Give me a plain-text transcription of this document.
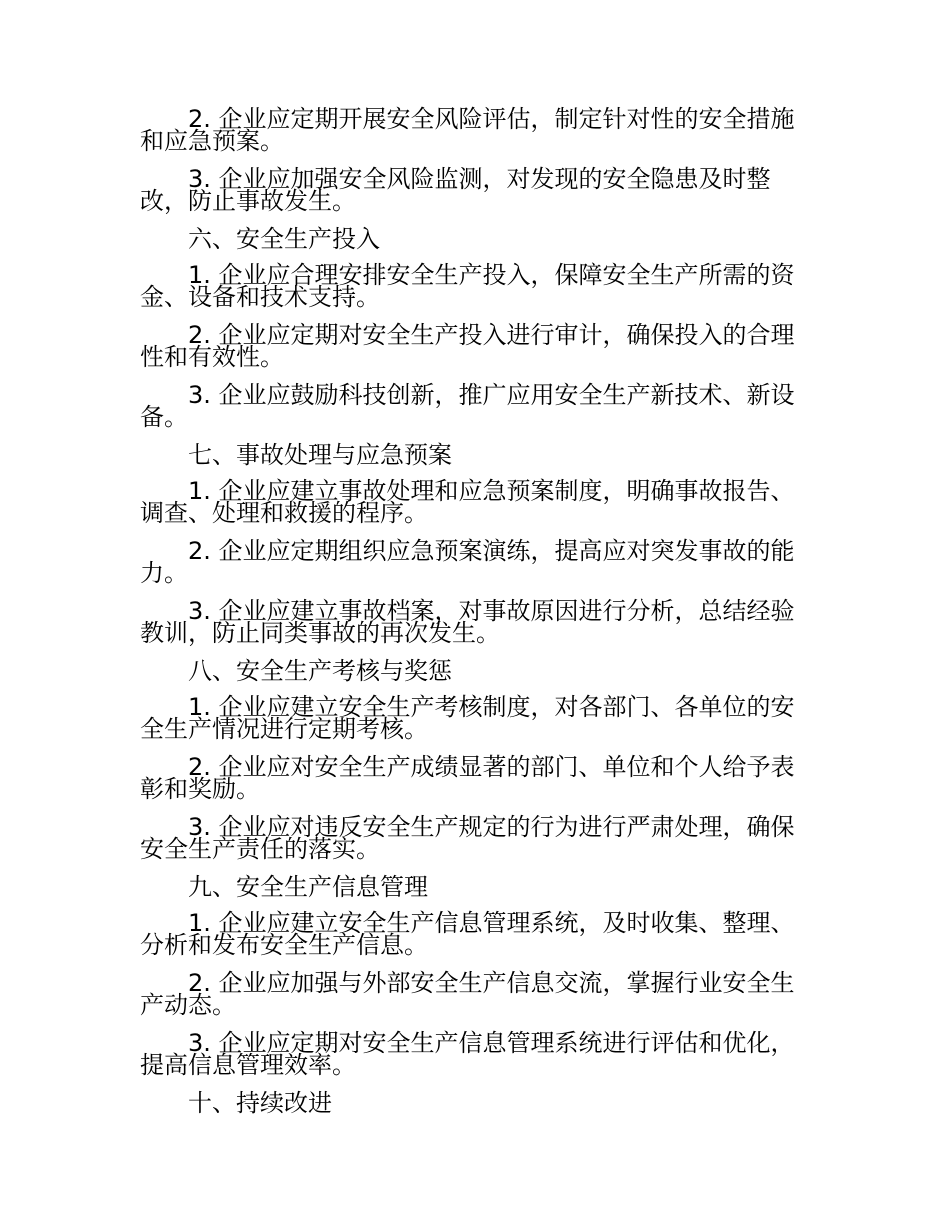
2. 企业应定期开展安全风险评估，制定针对性的安全措施和应急预案。

3. 企业应加强安全风险监测，对发现的安全隐患及时整改，防止事故发生。

六、安全生产投入

1. 企业应合理安排安全生产投入，保障安全生产所需的资金、设备和技术支持。

2. 企业应定期对安全生产投入进行审计，确保投入的合理性和有效性。

3. 企业应鼓励科技创新，推广应用安全生产新技术、新设备。

七、事故处理与应急预案

1. 企业应建立事故处理和应急预案制度，明确事故报告、调查、处理和救援的程序。

2. 企业应定期组织应急预案演练，提高应对突发事故的能力。

3. 企业应建立事故档案，对事故原因进行分析，总结经验教训，防止同类事故的再次发生。

八、安全生产考核与奖惩

1. 企业应建立安全生产考核制度，对各部门、各单位的安全生产情况进行定期考核。

2. 企业应对安全生产成绩显著的部门、单位和个人给予表彰和奖励。

3. 企业应对违反安全生产规定的行为进行严肃处理，确保安全生产责任的落实。

九、安全生产信息管理

1. 企业应建立安全生产信息管理系统，及时收集、整理、分析和发布安全生产信息。

2. 企业应加强与外部安全生产信息交流，掌握行业安全生产动态。

3. 企业应定期对安全生产信息管理系统进行评估和优化，提高信息管理效率。

十、持续改进
